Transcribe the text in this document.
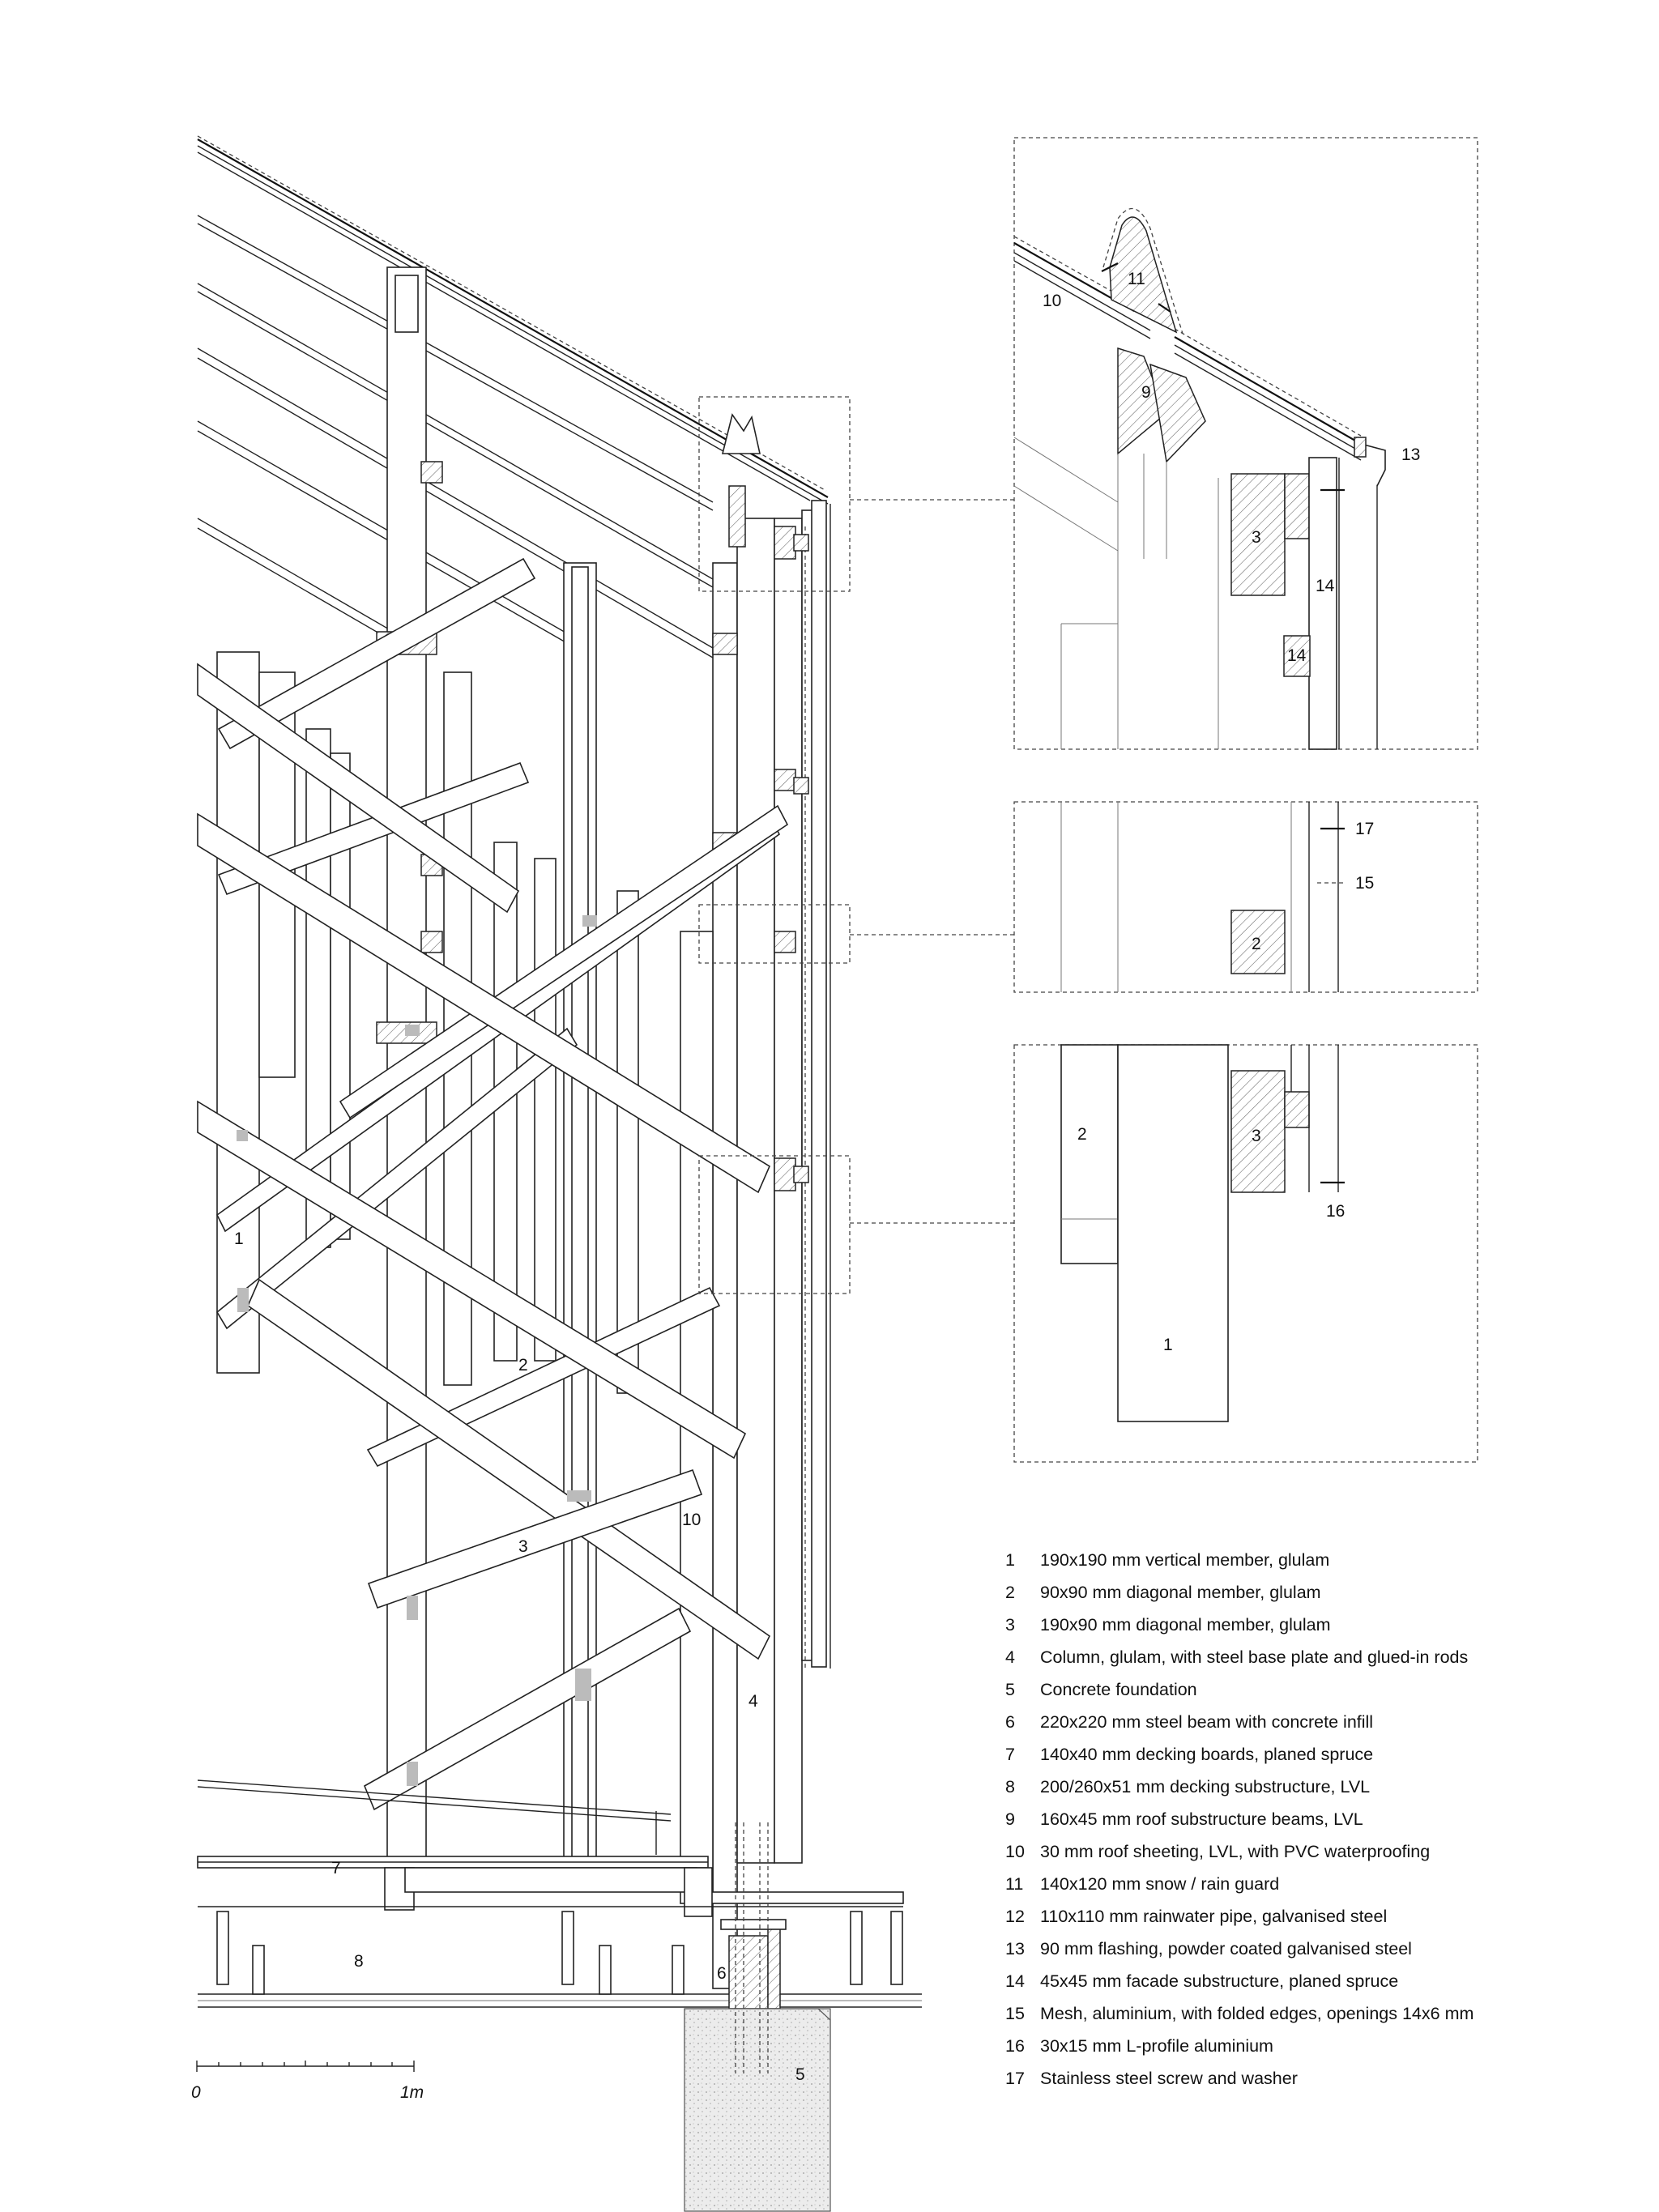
1
2
3
4
5
6
7
8
10
0	1m
9
10
11
13
3
14
14
17
15
2
2	3
16
1
1	190x190 mm vertical member, glulam
2	90x90 mm diagonal member, glulam
3	190x90 mm diagonal member, glulam
4	Column, glulam, with steel base plate and glued-in rods
5	Concrete foundation
6	220x220 mm steel beam with concrete infill
7	140x40 mm decking boards, planed spruce
8	200/260x51 mm decking substructure, LVL
9	160x45 mm roof substructure beams, LVL
10 30 mm roof sheeting, LVL, with PVC waterproofing
11 140x120 mm snow / rain guard
12 110x110 mm rainwater pipe, galvanised steel
13 90 mm flashing, powder coated galvanised steel
14 45x45 mm facade substructure, planed spruce
15 Mesh, aluminium, with folded edges, openings 14x6 mm
16 30x15 mm L-profile aluminium
17 Stainless steel screw and washer
